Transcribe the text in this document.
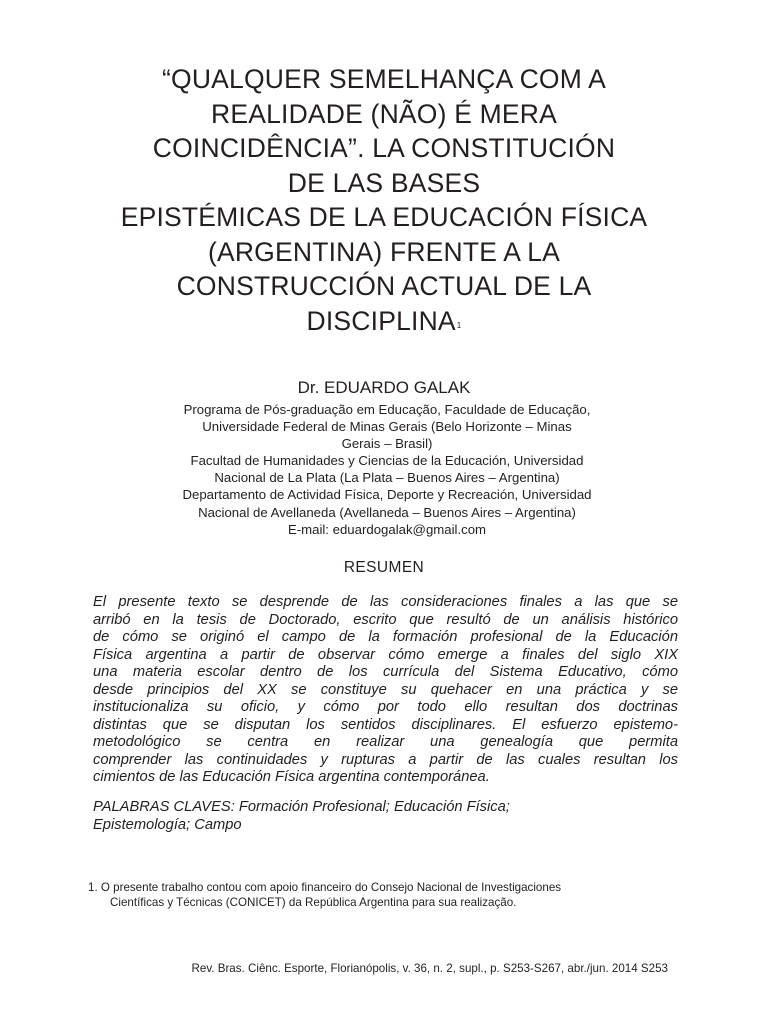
“QUALQUER SEMELHANÇA COM A
REALIDADE (NÃO) É MERA
COINCIDÊNCIA”. LA CONSTITUCIÓN
DE LAS BASES
EPISTÉMICAS DE LA EDUCACIÓN FÍSICA
(ARGENTINA) FRENTE A LA
CONSTRUCCIÓN ACTUAL DE LA
DISCIPLINA1
Dr. EDUARDO GALAK
Programa de Pós-graduação em Educação, Faculdade de Educação,
Universidade Federal de Minas Gerais (Belo Horizonte – Minas
Gerais – Brasil)
Facultad de Humanidades y Ciencias de la Educación, Universidad
Nacional de La Plata (La Plata – Buenos Aires – Argentina)
Departamento de Actividad Física, Deporte y Recreación, Universidad
Nacional de Avellaneda (Avellaneda – Buenos Aires – Argentina)
E-mail: eduardogalak@gmail.com
RESUMEN
El presente texto se desprende de las consideraciones finales a las que se
arribó en la tesis de Doctorado, escrito que resultó de un análisis histórico
de cómo se originó el campo de la formación profesional de la Educación
Física argentina a partir de observar cómo emerge a finales del siglo XIX
una materia escolar dentro de los currícula del Sistema Educativo, cómo
desde principios del XX se constituye su quehacer en una práctica y se
institucionaliza su oficio, y cómo por todo ello resultan dos doctrinas
distintas que se disputan los sentidos disciplinares. El esfuerzo epistemo-
metodológico se centra en realizar una genealogía que permita
comprender las continuidades y rupturas a partir de las cuales resultan los
cimientos de las Educación Física argentina contemporánea.
PALABRAS CLAVES: Formación Profesional; Educación Física;
Epistemología; Campo
1. O presente trabalho contou com apoio financeiro do Consejo Nacional de Investigaciones
Científicas y Técnicas (CONICET) da República Argentina para sua realização.
Rev. Bras. Ciênc. Esporte, Florianópolis, v. 36, n. 2, supl., p. S253-S267, abr./jun. 2014 S253
